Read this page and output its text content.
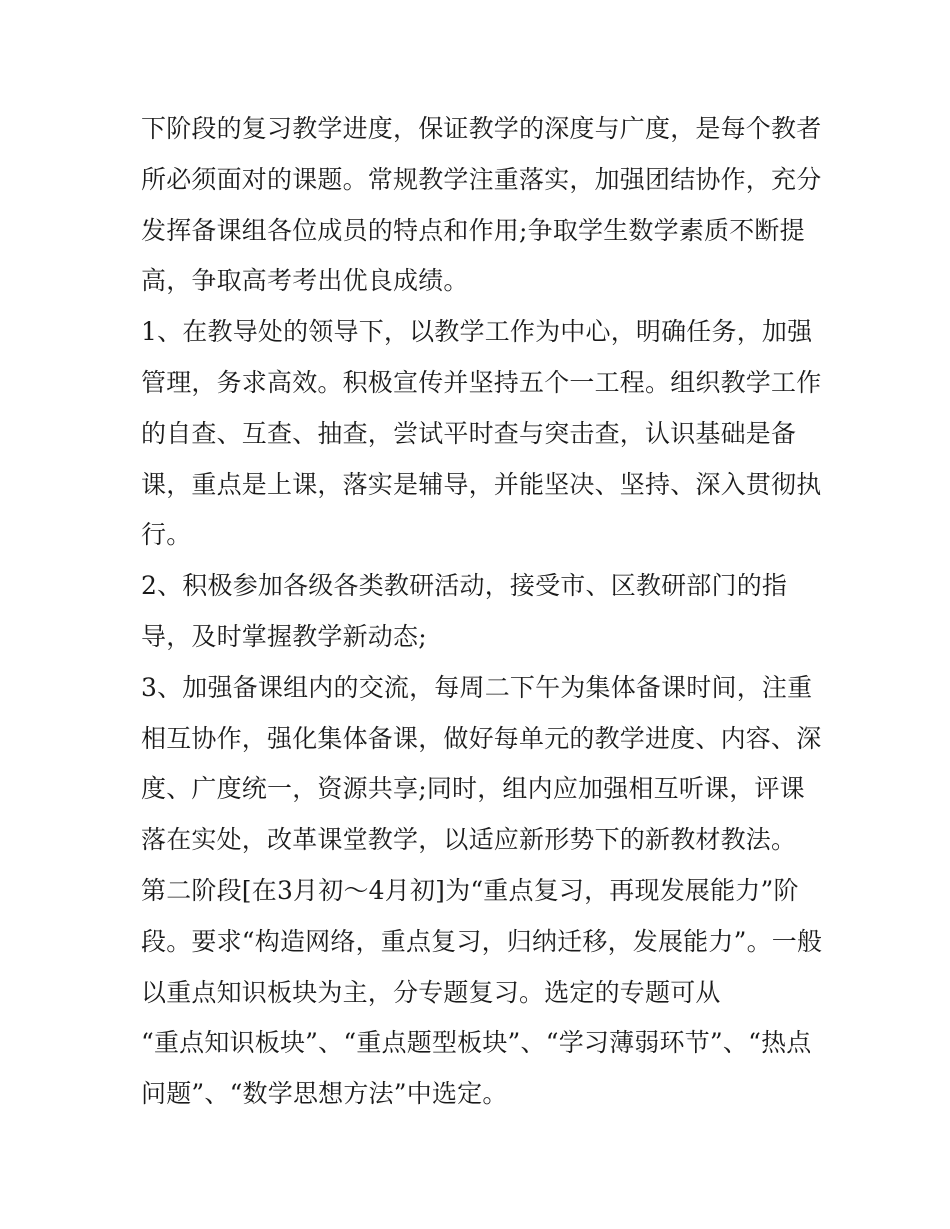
下阶段的复习教学进度，保证教学的深度与广度，是每个教者
所必须面对的课题。常规教学注重落实，加强团结协作，充分
发挥备课组各位成员的特点和作用;争取学生数学素质不断提
高，争取高考考出优良成绩。
1、在教导处的领导下，以教学工作为中心，明确任务，加强
管理，务求高效。积极宣传并坚持五个一工程。组织教学工作
的自查、互查、抽查，尝试平时查与突击查，认识基础是备
课，重点是上课，落实是辅导，并能坚决、坚持、深入贯彻执
行。
2、积极参加各级各类教研活动，接受市、区教研部门的指
导，及时掌握教学新动态;
3、加强备课组内的交流，每周二下午为集体备课时间，注重
相互协作，强化集体备课，做好每单元的教学进度、内容、深
度、广度统一，资源共享;同时，组内应加强相互听课，评课
落在实处，改革课堂教学，以适应新形势下的新教材教法。
第二阶段[在3月初～4月初]为“重点复习，再现发展能力”阶
段。要求“构造网络，重点复习，归纳迁移，发展能力”。一般
以重点知识板块为主，分专题复习。选定的专题可从
“重点知识板块”、“重点题型板块”、“学习薄弱环节”、“热点
问题”、“数学思想方法”中选定。
